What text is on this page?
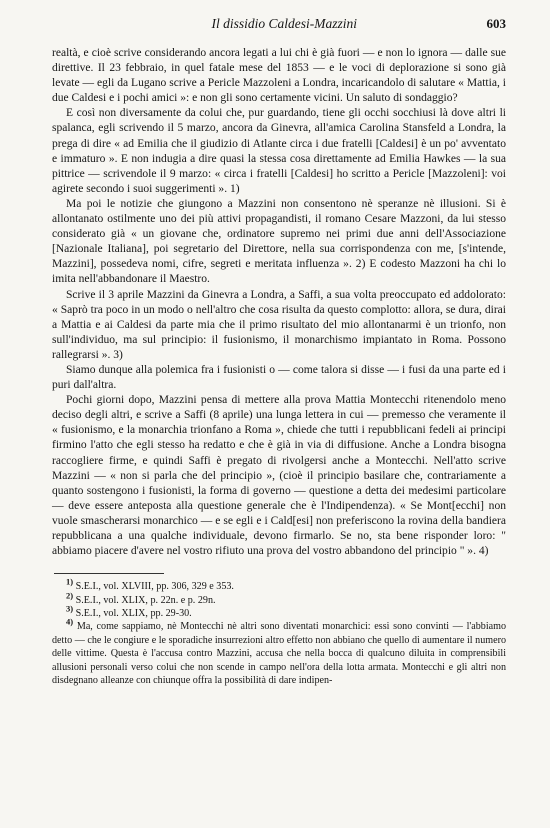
Il dissidio Caldesi-Mazzini	603

realtà, e cioè scrive considerando ancora legati a lui chi è già fuori — e non lo ignora — dalle sue direttive. Il 23 febbraio, in quel fatale mese del 1853 — e le voci di deplorazione si sono già levate — egli da Lugano scrive a Pericle Mazzoleni a Londra, incaricandolo di salutare « Mattia, i due Caldesi e i pochi amici »: e non gli sono certamente vicini. Un saluto di sondaggio?

E così non diversamente da colui che, pur guardando, tiene gli occhi socchiusi là dove altri li spalanca, egli scrivendo il 5 marzo, ancora da Ginevra, all'amica Carolina Stansfeld a Londra, la prega di dire « ad Emilia che il giudizio di Atlante circa i due fratelli [Caldesi] è un po' avventato e immaturo ». E non indugia a dire quasi la stessa cosa direttamente ad Emilia Hawkes — la sua pittrice — scrivendole il 9 marzo: « circa i fratelli [Caldesi] ho scritto a Pericle [Mazzoleni]: voi agirete secondo i suoi suggerimenti ». 1)

Ma poi le notizie che giungono a Mazzini non consentono nè speranze nè illusioni. Si è allontanato ostilmente uno dei più attivi propagandisti, il romano Cesare Mazzoni, da lui stesso considerato già « un giovane che, ordinatore supremo nei primi due anni dell'Associazione [Nazionale Italiana], poi segretario del Direttore, nella sua corrispondenza con me, [s'intende, Mazzini], possedeva nomi, cifre, segreti e meritata influenza ». 2) E codesto Mazzoni ha chi lo imita nell'abbandonare il Maestro.

Scrive il 3 aprile Mazzini da Ginevra a Londra, a Saffi, a sua volta preoccupato ed addolorato: « Saprò tra poco in un modo o nell'altro che cosa risulta da questo complotto: allora, se dura, dirai a Mattia e ai Caldesi da parte mia che il primo risultato del mio allontanarmi è un trionfo, non sull'individuo, ma sul principio: il fusionismo, il monarchismo impiantato in Roma. Possono rallegrarsi ». 3)

Siamo dunque alla polemica fra i fusionisti o — come talora si disse — i fusi da una parte ed i puri dall'altra.

Pochi giorni dopo, Mazzini pensa di mettere alla prova Mattia Montecchi ritenendolo meno deciso degli altri, e scrive a Saffi (8 aprile) una lunga lettera in cui — premesso che veramente il « fusionismo, e la monarchia trionfano a Roma », chiede che tutti i repubblicani fedeli ai principi firmino l'atto che egli stesso ha redatto e che è già in via di diffusione. Anche a Londra bisogna raccogliere firme, e quindi Saffi è pregato di rivolgersi anche a Montecchi. Nell'atto scrive Mazzini — « non si parla che del principio », (cioè il principio basilare che, contrariamente a quanto sostengono i fusionisti, la forma di governo — questione a detta dei medesimi particolare — deve essere anteposta alla questione generale che è l'Indipendenza). « Se Mont[ecchi] non vuole smascherarsi monarchico — e se egli e i Cald[esi] non preferiscono la rovina della bandiera repubblicana a una qualche individuale, devono firmarlo. Se no, sta bene risponder loro: " abbiamo piacere d'avere nel vostro rifiuto una prova del vostro abbandono del principio " ». 4)

$^{1)}$ S.E.I., vol. XLVIII, pp. 306, 329 e 353.

$^{2)}$ S.E.I., vol. XLIX, p. 22n. e p. 29n.

$^{3)}$ S.E.I., vol. XLIX, pp. 29-30.

$^{4)}$ Ma, come sappiamo, nè Montecchi nè altri sono diventati monarchici: essi sono convinti — l'abbiamo detto — che le congiure e le sporadiche insurrezioni altro effetto non abbiano che quello di aumentare il numero delle vittime. Questa è l'accusa contro Mazzini, accusa che nella bocca di qualcuno diluita in comprensibili allusioni personali verso colui che non scende in campo nell'ora della lotta armata. Montecchi e gli altri non disdegnano alleanze con chiunque offra la possibilità di dare indipen-
